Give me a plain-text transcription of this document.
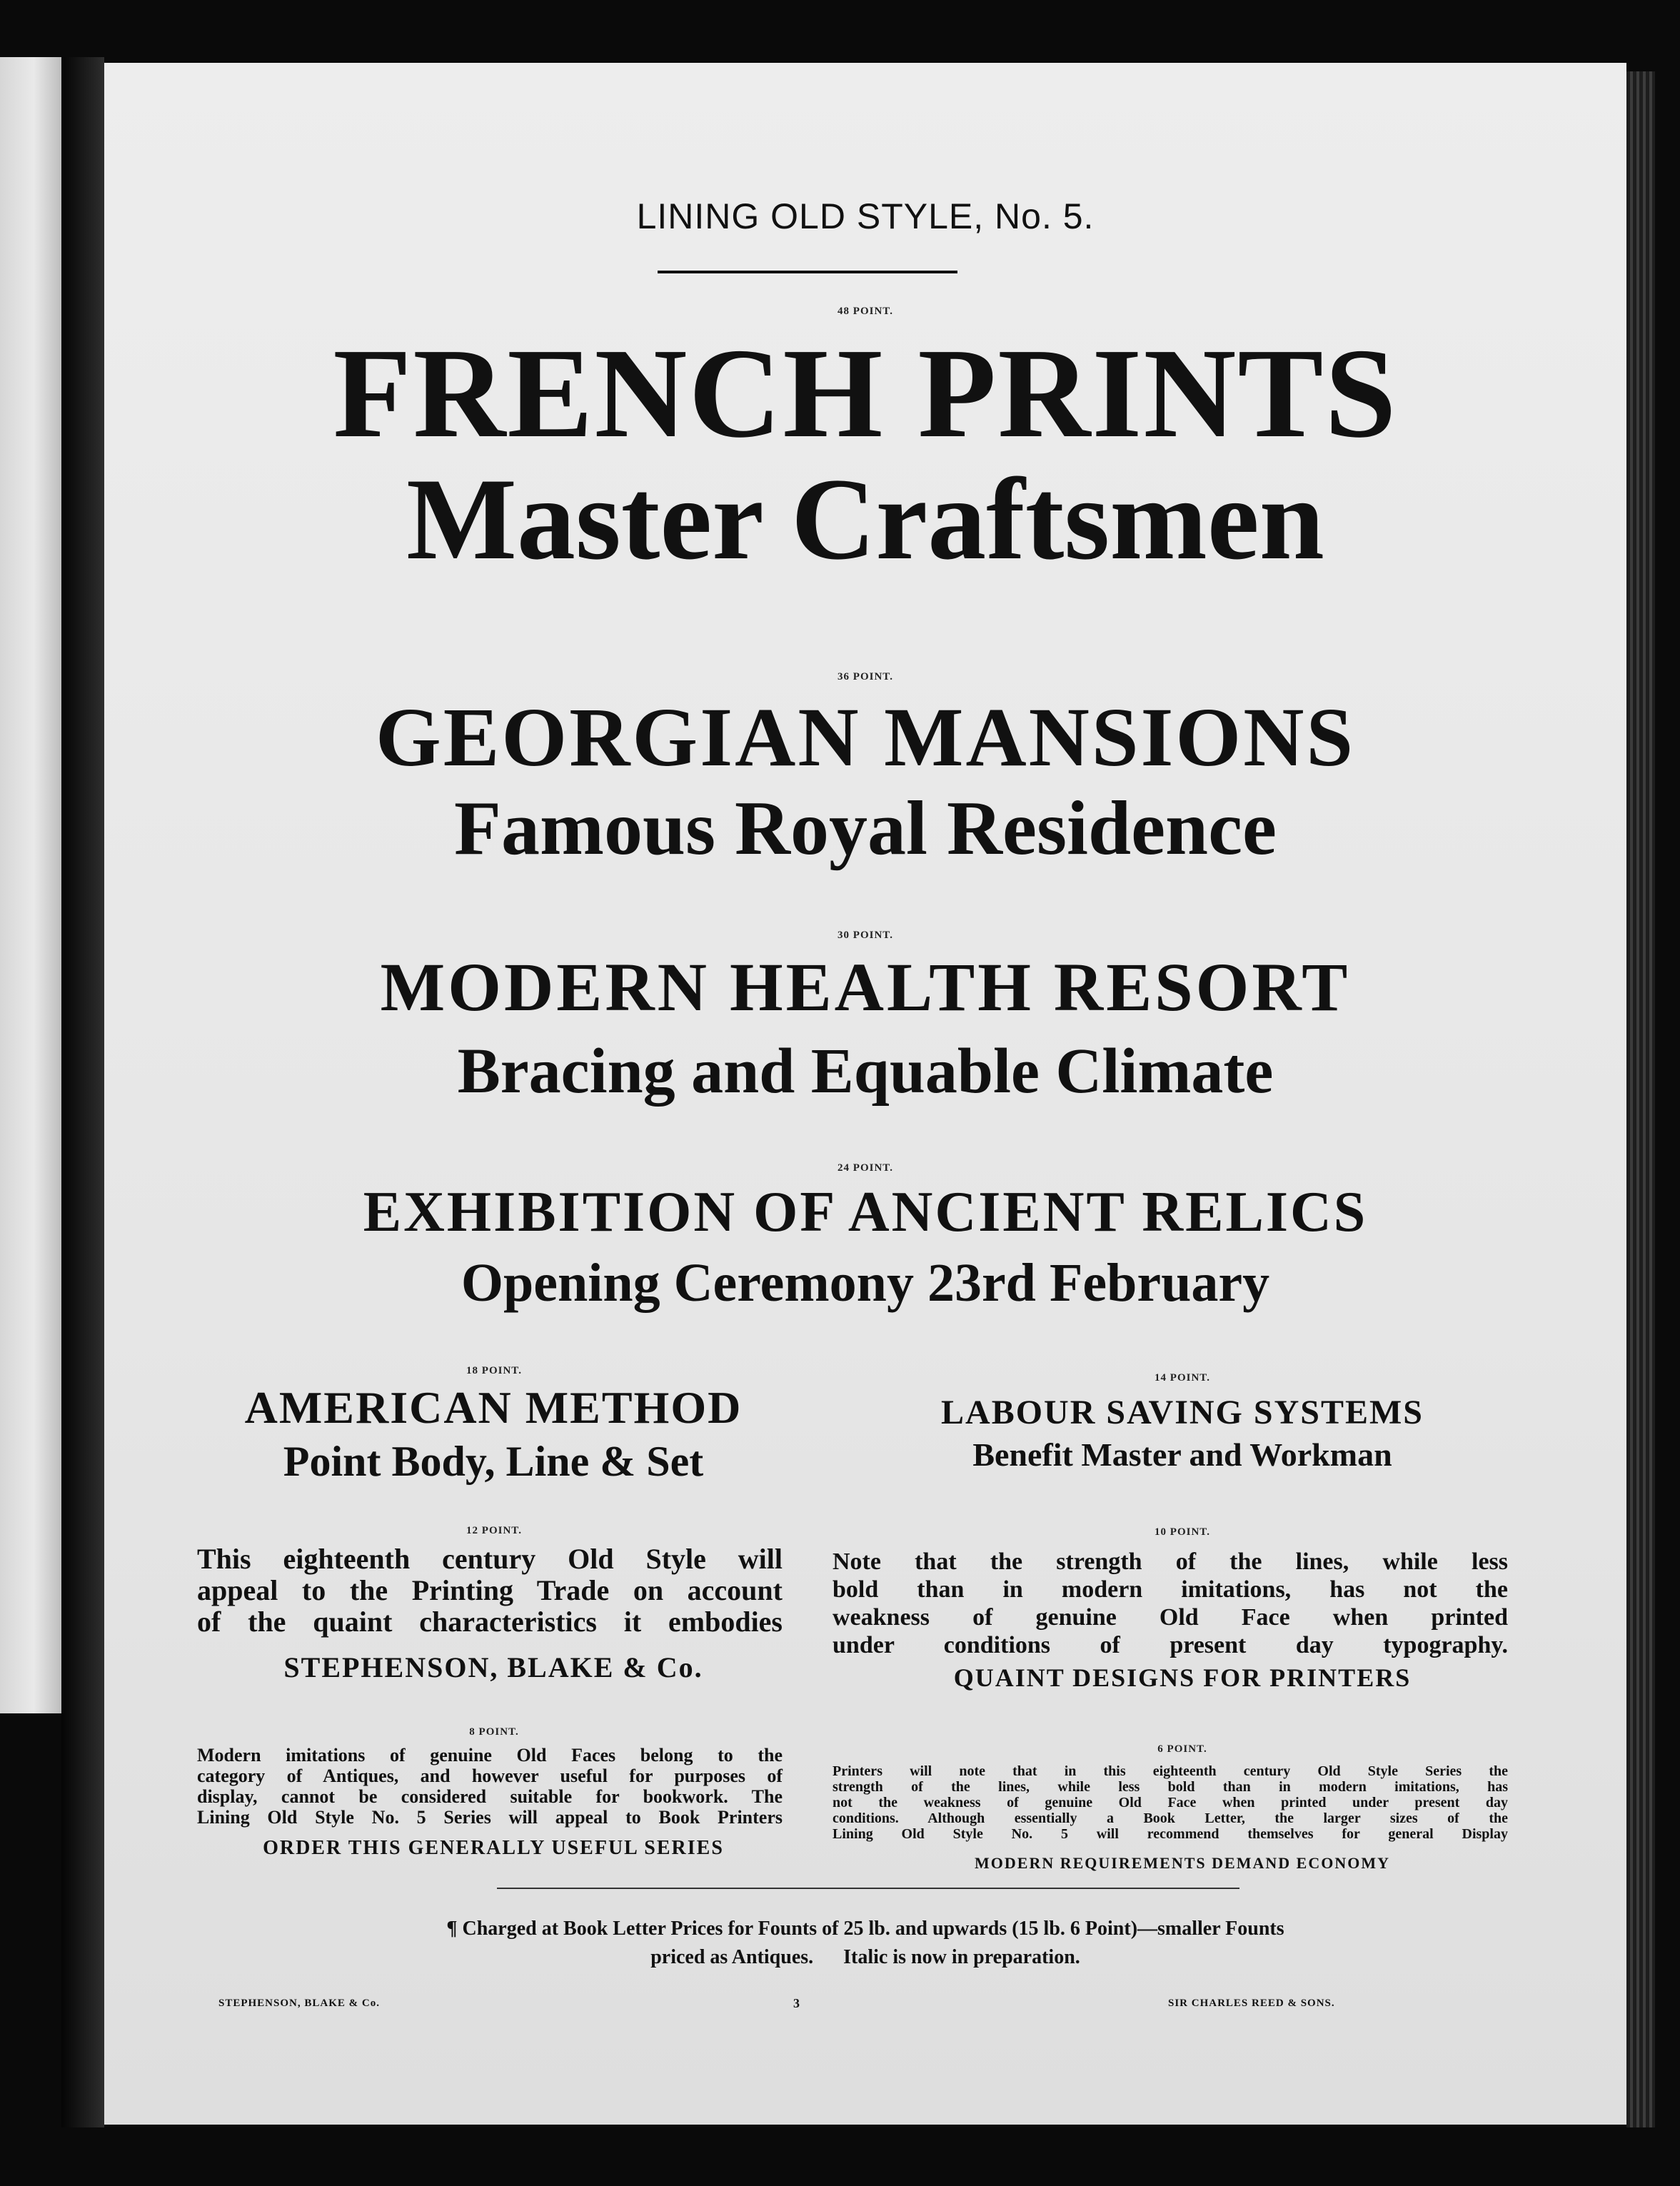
LINING OLD STYLE, No. 5.
48 POINT.
FRENCH PRINTS
Master Craftsmen
36 POINT.
GEORGIAN MANSIONS
Famous Royal Residence
30 POINT.
MODERN HEALTH RESORT
Bracing and Equable Climate
24 POINT.
EXHIBITION OF ANCIENT RELICS
Opening Ceremony 23rd February
18 POINT.
AMERICAN METHOD
Point Body, Line & Set
14 POINT.
LABOUR SAVING SYSTEMS
Benefit Master and Workman
12 POINT.
This eighteenth century Old Style will
appeal to the Printing Trade on account
of the quaint characteristics it embodies
STEPHENSON, BLAKE & Co.
10 POINT.
Note that the strength of the lines, while less
bold than in modern imitations, has not the
weakness of genuine Old Face when printed
under conditions of present day typography.
QUAINT DESIGNS FOR PRINTERS
8 POINT.
Modern imitations of genuine Old Faces belong to the
category of Antiques, and however useful for purposes of
display, cannot be considered suitable for bookwork. The
Lining Old Style No. 5 Series will appeal to Book Printers
ORDER THIS GENERALLY USEFUL SERIES
6 POINT.
Printers will note that in this eighteenth century Old Style Series the
strength of the lines, while less bold than in modern imitations, has
not the weakness of genuine Old Face when printed under present day
conditions. Although essentially a Book Letter, the larger sizes of the
Lining Old Style No. 5 will recommend themselves for general Display
MODERN REQUIREMENTS DEMAND ECONOMY
¶ Charged at Book Letter Prices for Founts of 25 lb. and upwards (15 lb. 6 Point)—smaller Founts
priced as Antiques.      Italic is now in preparation.
STEPHENSON, BLAKE & Co.	3	SIR CHARLES REED & SONS.
